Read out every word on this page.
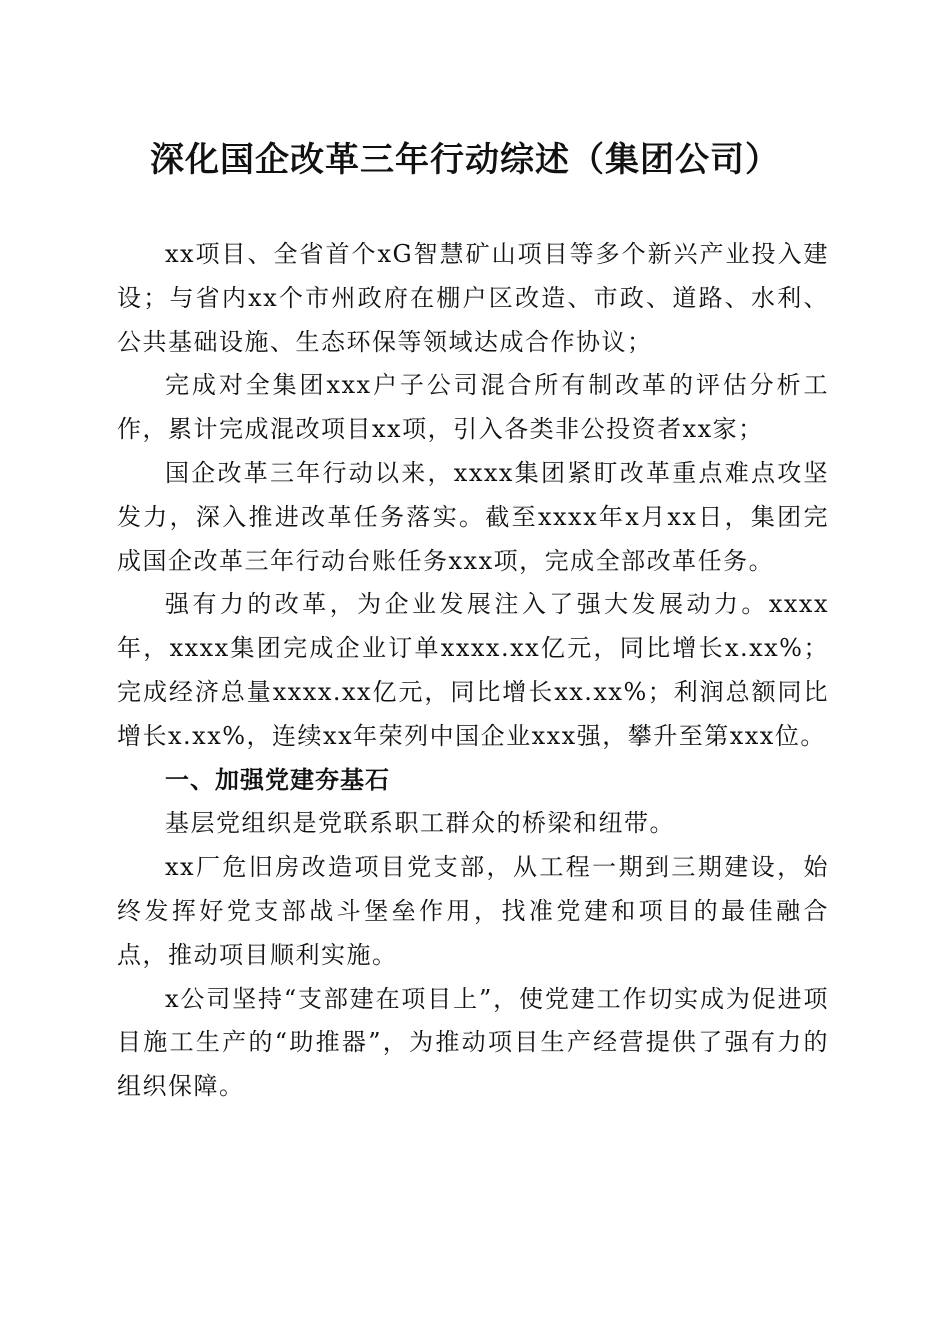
深化国企改革三年行动综述（集团公司）

xx项目、全省首个xG智慧矿山项目等多个新兴产业投入建设；与省内xx个市州政府在棚户区改造、市政、道路、水利、公共基础设施、生态环保等领域达成合作协议；

完成对全集团xxx户子公司混合所有制改革的评估分析工作，累计完成混改项目xx项，引入各类非公投资者xx家；

国企改革三年行动以来，xxxx集团紧盯改革重点难点攻坚发力，深入推进改革任务落实。截至xxxx年x月xx日，集团完成国企改革三年行动台账任务xxx项，完成全部改革任务。

强有力的改革，为企业发展注入了强大发展动力。xxxx年，xxxx集团完成企业订单xxxx.xx亿元，同比增长x.xx%；完成经济总量xxxx.xx亿元，同比增长xx.xx%；利润总额同比增长x.xx%，连续xx年荣列中国企业xxx强，攀升至第xxx位。

一、加强党建夯基石

基层党组织是党联系职工群众的桥梁和纽带。

xx厂危旧房改造项目党支部，从工程一期到三期建设，始终发挥好党支部战斗堡垒作用，找准党建和项目的最佳融合点，推动项目顺利实施。

x公司坚持“支部建在项目上”，使党建工作切实成为促进项目施工生产的“助推器”，为推动项目生产经营提供了强有力的组织保障。
